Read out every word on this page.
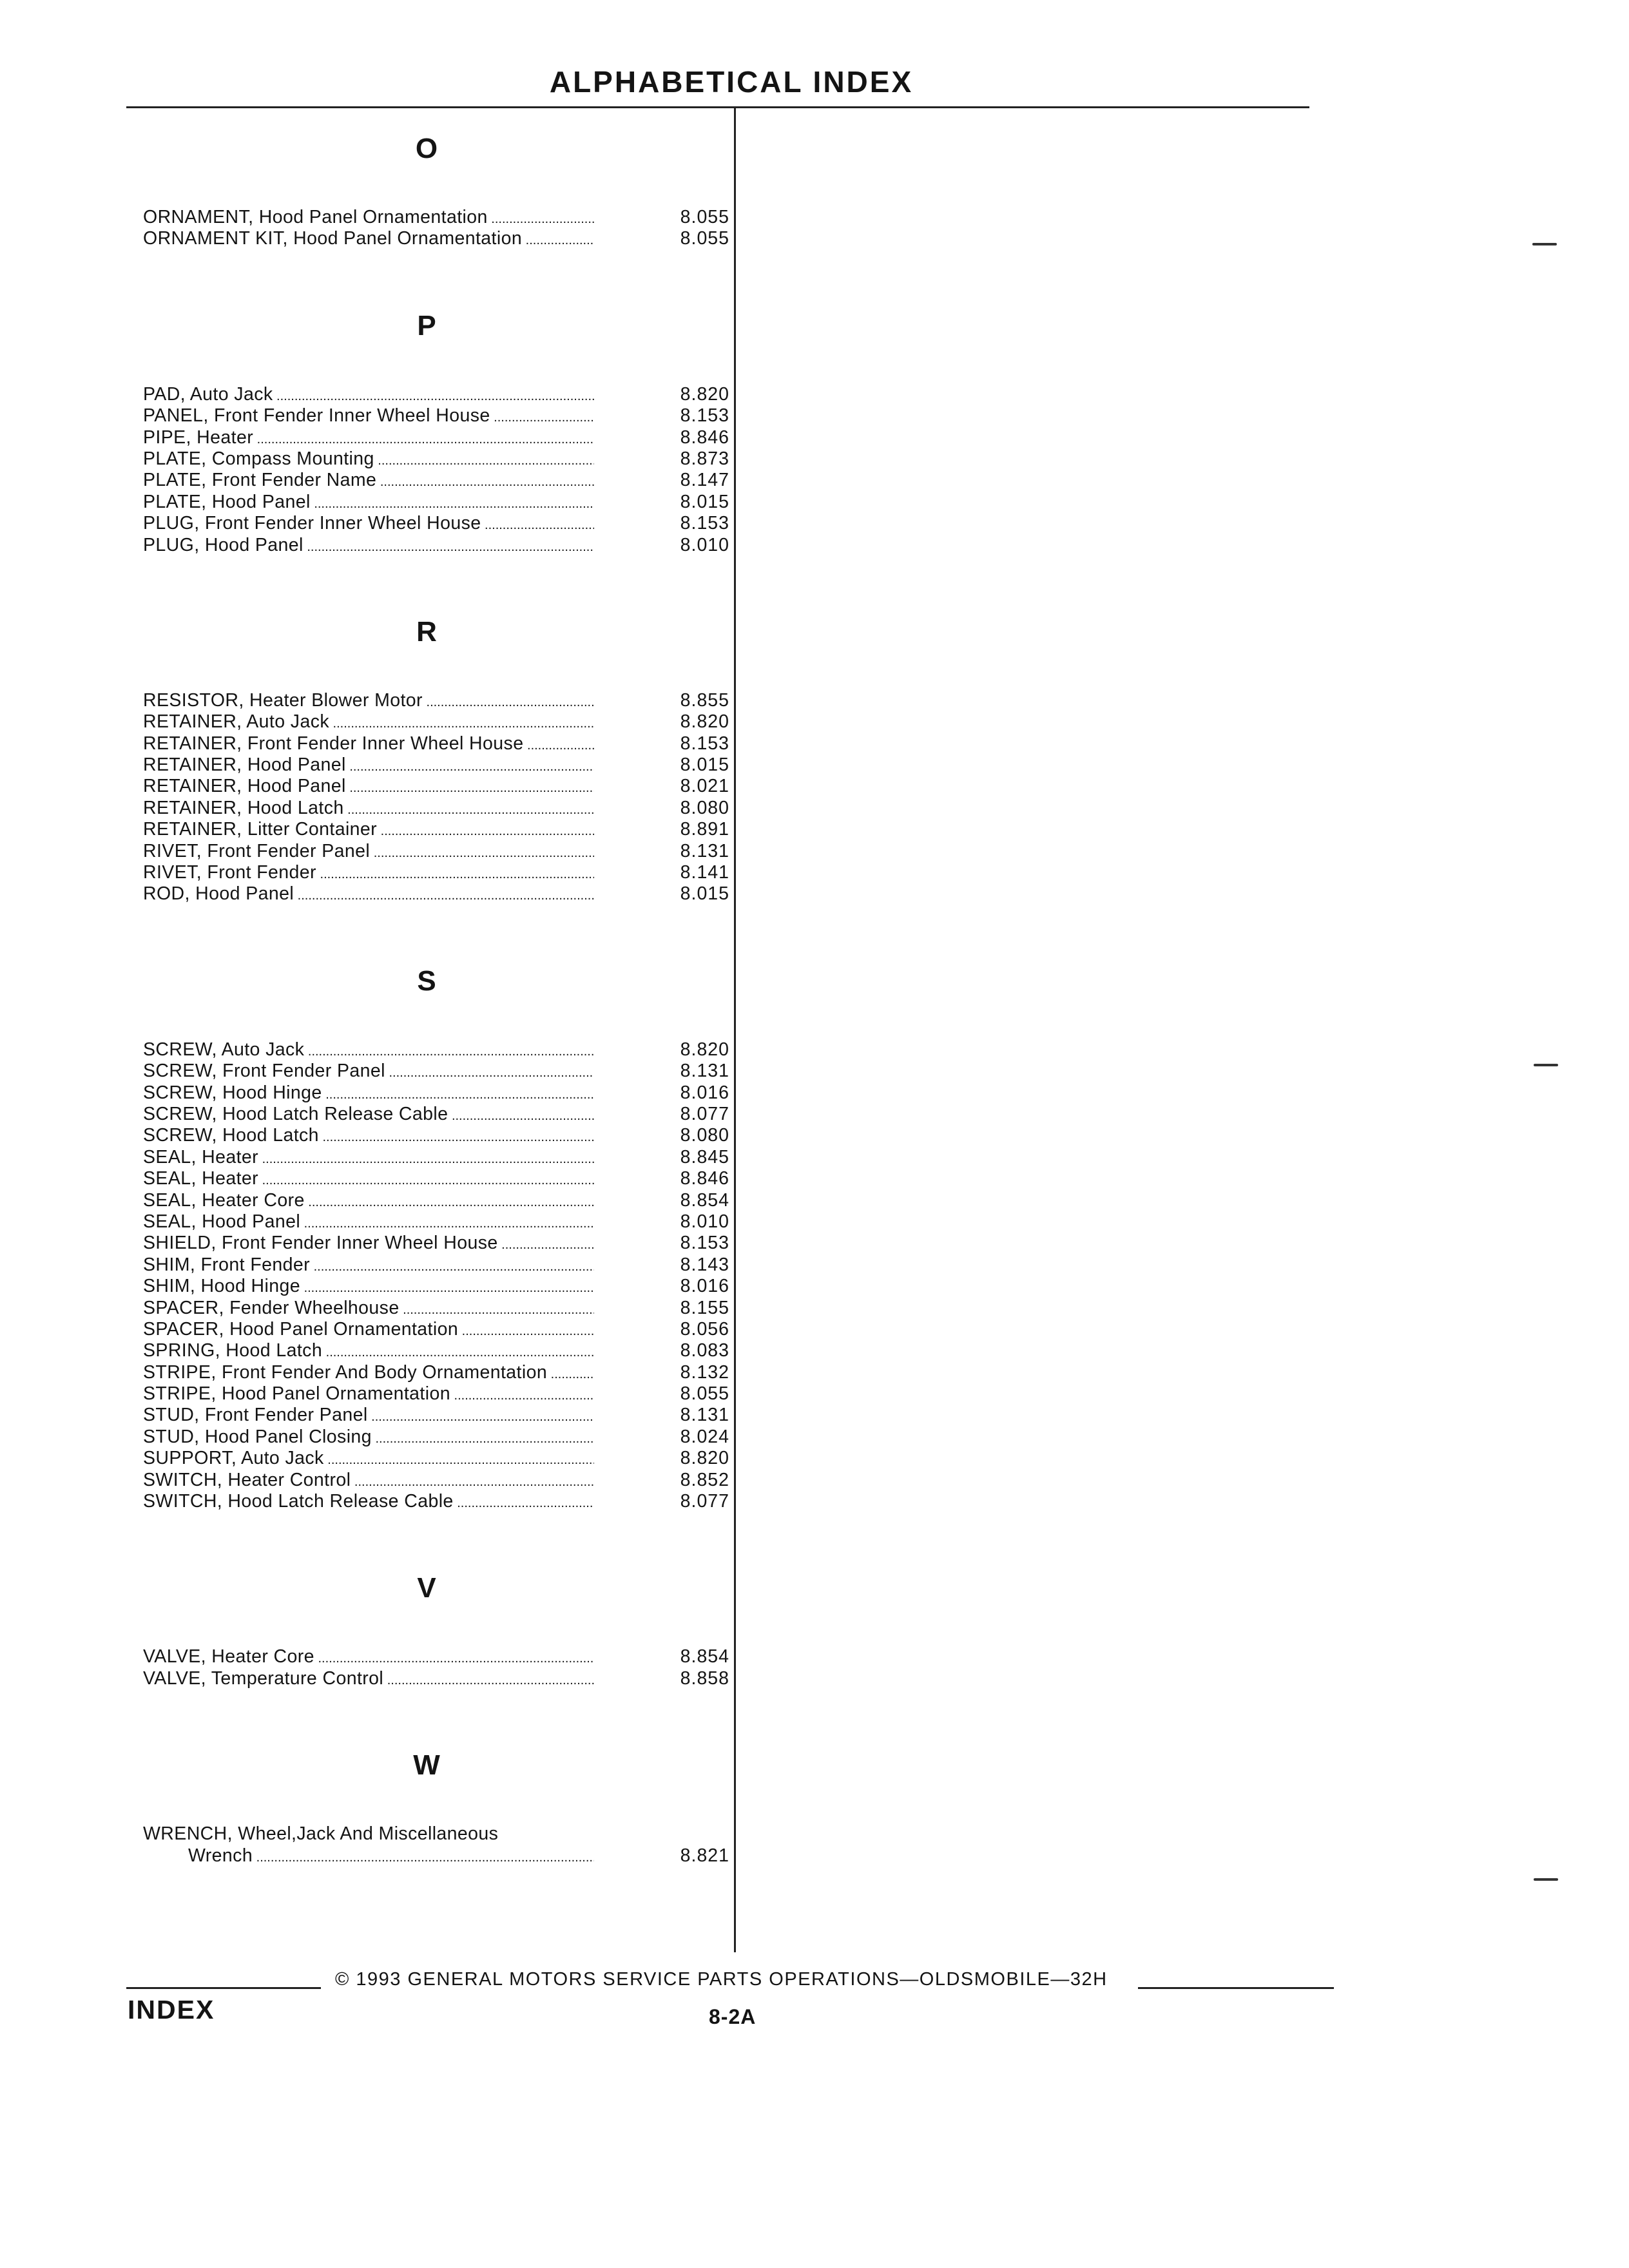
ALPHABETICAL INDEX
O
ORNAMENT, Hood Panel Ornamentation .....	8.055
ORNAMENT KIT, Hood Panel Ornamentation .....	8.055
P
PAD, Auto Jack .....	8.820
PANEL, Front Fender Inner Wheel House .....	8.153
PIPE, Heater .....	8.846
PLATE, Compass Mounting .....	8.873
PLATE, Front Fender Name .....	8.147
PLATE, Hood Panel .....	8.015
PLUG, Front Fender Inner Wheel House .....	8.153
PLUG, Hood Panel .....	8.010
R
RESISTOR, Heater Blower Motor .....	8.855
RETAINER, Auto Jack .....	8.820
RETAINER, Front Fender Inner Wheel House .....	8.153
RETAINER, Hood Panel .....	8.015
RETAINER, Hood Panel .....	8.021
RETAINER, Hood Latch .....	8.080
RETAINER, Litter Container .....	8.891
RIVET, Front Fender Panel .....	8.131
RIVET, Front Fender .....	8.141
ROD, Hood Panel .....	8.015
S
SCREW, Auto Jack .....	8.820
SCREW, Front Fender Panel .....	8.131
SCREW, Hood Hinge .....	8.016
SCREW, Hood Latch Release Cable .....	8.077
SCREW, Hood Latch .....	8.080
SEAL, Heater .....	8.845
SEAL, Heater .....	8.846
SEAL, Heater Core .....	8.854
SEAL, Hood Panel .....	8.010
SHIELD, Front Fender Inner Wheel House .....	8.153
SHIM, Front Fender .....	8.143
SHIM, Hood Hinge .....	8.016
SPACER, Fender Wheelhouse .....	8.155
SPACER, Hood Panel Ornamentation .....	8.056
SPRING, Hood Latch .....	8.083
STRIPE, Front Fender And Body Ornamentation .....	8.132
STRIPE, Hood Panel Ornamentation .....	8.055
STUD, Front Fender Panel .....	8.131
STUD, Hood Panel Closing .....	8.024
SUPPORT, Auto Jack .....	8.820
SWITCH, Heater Control .....	8.852
SWITCH, Hood Latch Release Cable .....	8.077
V
VALVE, Heater Core .....	8.854
VALVE, Temperature Control .....	8.858
W
WRENCH, Wheel,Jack And Miscellaneous
Wrench .....	8.821
© 1993 GENERAL MOTORS SERVICE PARTS OPERATIONS—OLDSMOBILE—32H
INDEX	8-2A
